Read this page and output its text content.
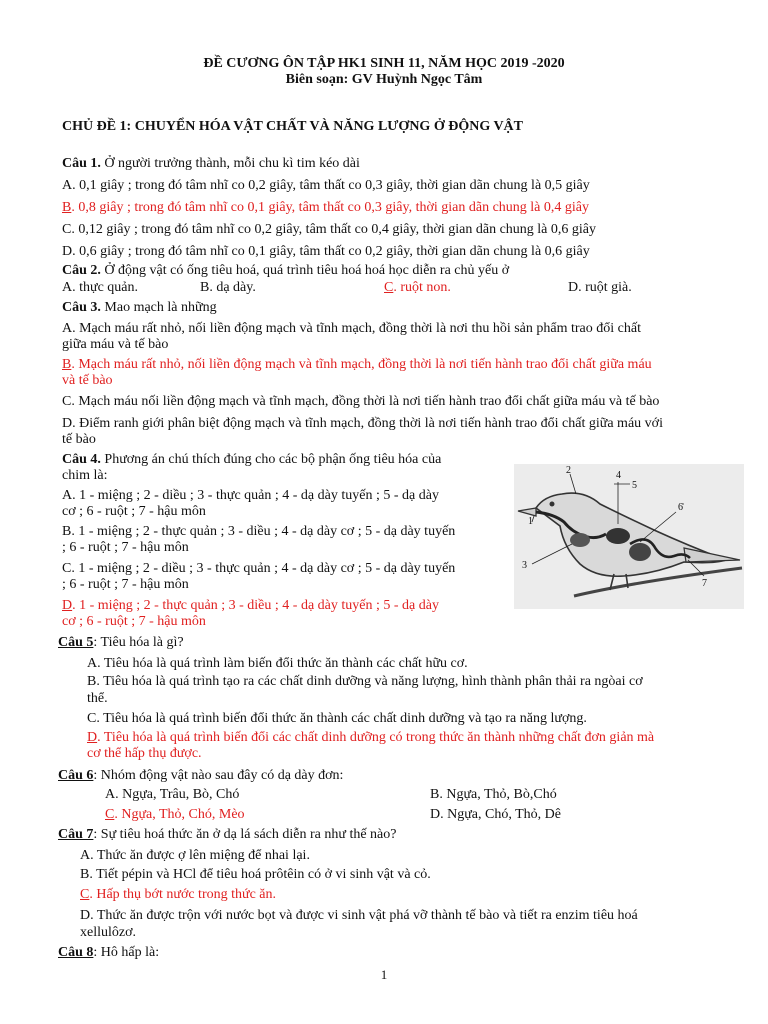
ĐỀ CƯƠNG ÔN TẬP HK1 SINH 11, NĂM HỌC 2019 -2020
Biên soạn: GV Huỳnh Ngọc Tâm
CHỦ ĐỀ 1: CHUYỂN HÓA VẬT CHẤT VÀ NĂNG LƯỢNG Ở ĐỘNG VẬT
Câu 1. Ở người trưởng thành, mỗi chu kì tim kéo dài
A. 0,1 giây ; trong đó tâm nhĩ co 0,2 giây, tâm thất co 0,3 giây, thời gian dãn chung là 0,5 giây
B. 0,8 giây ; trong đó tâm nhĩ co 0,1 giây, tâm thất co 0,3 giây, thời gian dãn chung là 0,4 giây
C. 0,12 giây ; trong đó tâm nhĩ co 0,2 giây, tâm thất co 0,4 giây, thời gian dãn chung là 0,6 giây
D. 0,6 giây ; trong đó tâm nhĩ co 0,1 giây, tâm thất co 0,2 giây, thời gian dãn chung là 0,6 giây
Câu 2. Ở động vật có ống tiêu hoá, quá trình tiêu hoá hoá học diễn ra chủ yếu ở
A. thực quản.	B. dạ dày.	C. ruột non.	D. ruột già.
Câu 3. Mao mạch là những
A. Mạch máu rất nhỏ, nối liền động mạch và tĩnh mạch, đồng thời là nơi thu hồi sản phẩm trao đổi chất
giữa máu và tế bào
B. Mạch máu rất nhỏ, nối liền động mạch và tĩnh mạch, đồng thời là nơi tiến hành trao đổi chất giữa máu
và tế bào
C. Mạch máu nối liền động mạch và tĩnh mạch, đồng thời là nơi tiến hành trao đổi chất giữa máu và tế bào
D. Điểm ranh giới phân biệt động mạch và tĩnh mạch, đồng thời là nơi tiến hành trao đổi chất giữa máu với
tế bào
Câu 4. Phương án chú thích đúng cho các bộ phận ống tiêu hóa của
chim là:
A. 1 - miệng ; 2 - diều ; 3 - thực quản ; 4 - dạ dày tuyến ; 5 - dạ dày
cơ ; 6 - ruột ; 7 - hậu môn
B. 1 - miệng ; 2 - thực quản ; 3 - diều ; 4 - dạ dày cơ ; 5 - dạ dày tuyến
; 6 - ruột ; 7 - hậu môn
C. 1 - miệng ; 2 - diều ; 3 - thực quản ; 4 - dạ dày cơ ; 5 - dạ dày tuyến
; 6 - ruột ; 7 - hậu môn
D. 1 - miệng ; 2 - thực quản ; 3 - diều ; 4 - dạ dày tuyến ; 5 - dạ dày
cơ ; 6 - ruột ; 7 - hậu môn
1
2
3
4
5
6
7
Câu 5: Tiêu hóa là gì?
A. Tiêu hóa là quá trình làm biến đổi thức ăn thành các chất hữu cơ.
B. Tiêu hóa là quá trình tạo ra các chất dinh dưỡng và năng lượng, hình thành phân thải ra ngòai cơ
thể.
C. Tiêu hóa là quá trình biến đổi thức ăn thành các chất dinh dưỡng và tạo ra năng lượng.
D. Tiêu hóa là quá trình biến đổi các chất dinh dưỡng có trong thức ăn thành những chất đơn giản mà
cơ thể hấp thụ được.
Câu 6: Nhóm động vật nào sau đây có dạ dày đơn:
A. Ngựa, Trâu, Bò, Chó	B. Ngựa, Thỏ, Bò,Chó
C. Ngựa, Thỏ, Chó, Mèo	D. Ngựa, Chó, Thỏ, Dê
Câu 7: Sự tiêu hoá thức ăn ở dạ lá sách diễn ra như thế nào?
A. Thức ăn được ợ lên miệng để nhai lại.
B. Tiết pépin và HCl để tiêu hoá prôtêin có ở vi sinh vật và cỏ.
C. Hấp thụ bớt nước trong thức ăn.
D. Thức ăn được trộn với nước bọt và được vi sinh vật phá vỡ thành tế bào và tiết ra enzim tiêu hoá
xellulôzơ.
Câu 8: Hô hấp là:
1
